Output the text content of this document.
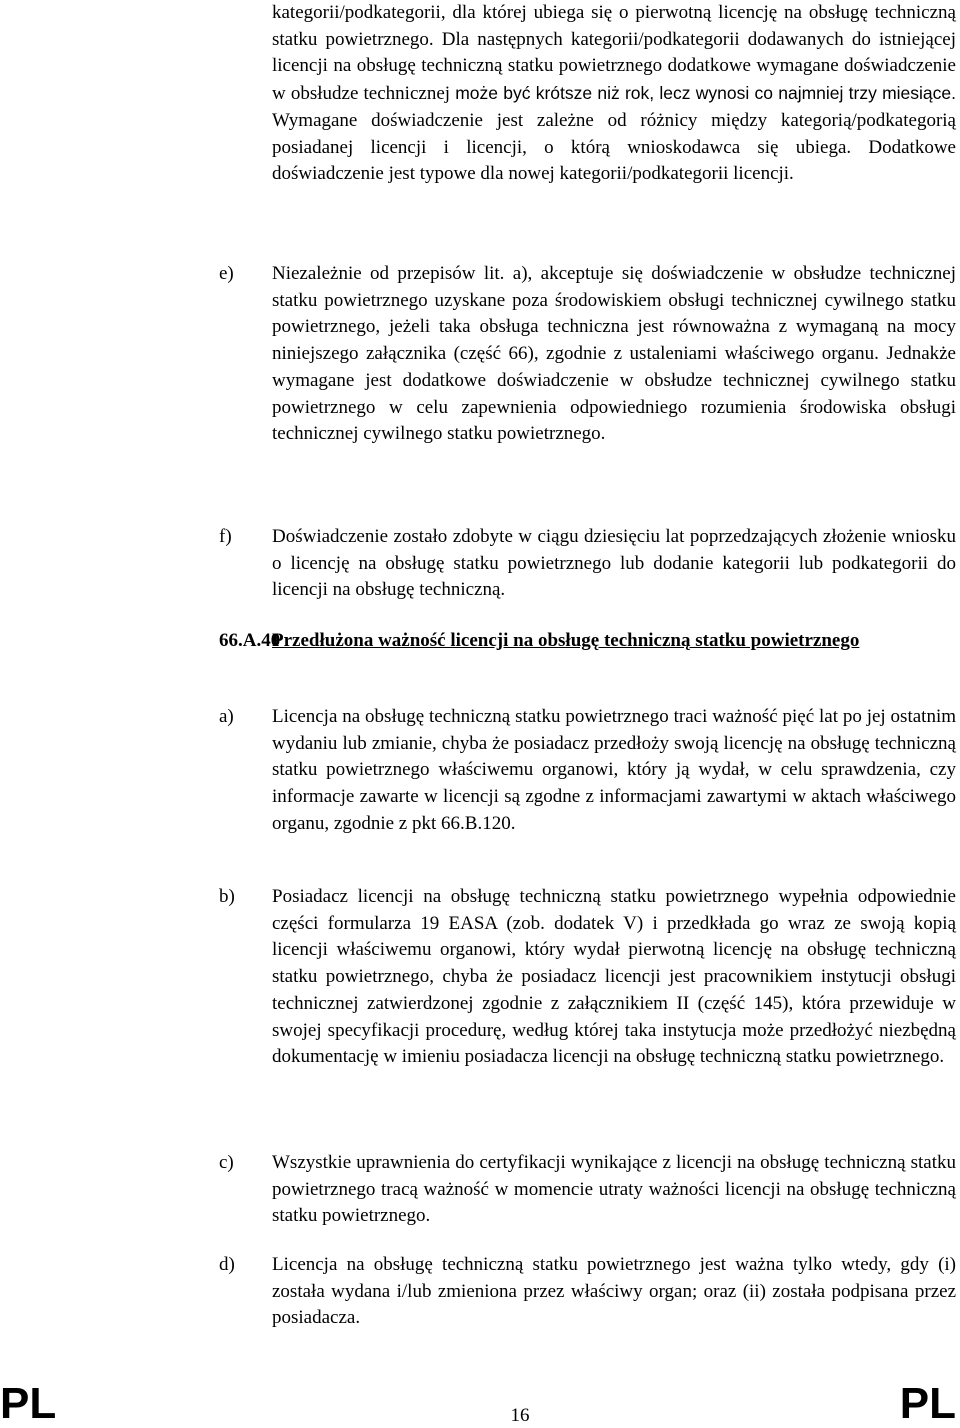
kategorii/podkategorii, dla której ubiega się o pierwotną licencję na obsługę techniczną statku powietrznego. Dla następnych kategorii/podkategorii dodawanych do istniejącej licencji na obsługę techniczną statku powietrznego dodatkowe wymagane doświadczenie w obsłudze technicznej może być krótsze niż rok, lecz wynosi co najmniej trzy miesiące. Wymagane doświadczenie jest zależne od różnicy między kategorią/podkategorią posiadanej licencji i licencji, o którą wnioskodawca się ubiega. Dodatkowe doświadczenie jest typowe dla nowej kategorii/podkategorii licencji.
e) Niezależnie od przepisów lit. a), akceptuje się doświadczenie w obsłudze technicznej statku powietrznego uzyskane poza środowiskiem obsługi technicznej cywilnego statku powietrznego, jeżeli taka obsługa techniczna jest równoważna z wymaganą na mocy niniejszego załącznika (część 66), zgodnie z ustaleniami właściwego organu. Jednakże wymagane jest dodatkowe doświadczenie w obsłudze technicznej cywilnego statku powietrznego w celu zapewnienia odpowiedniego rozumienia środowiska obsługi technicznej cywilnego statku powietrznego.
f) Doświadczenie zostało zdobyte w ciągu dziesięciu lat poprzedzających złożenie wniosku o licencję na obsługę statku powietrznego lub dodanie kategorii lub podkategorii do licencji na obsługę techniczną.
66.A.40
Przedłużona ważność licencji na obsługę techniczną statku powietrznego
a) Licencja na obsługę techniczną statku powietrznego traci ważność pięć lat po jej ostatnim wydaniu lub zmianie, chyba że posiadacz przedłoży swoją licencję na obsługę techniczną statku powietrznego właściwemu organowi, który ją wydał, w celu sprawdzenia, czy informacje zawarte w licencji są zgodne z informacjami zawartymi w aktach właściwego organu, zgodnie z pkt 66.B.120.
b) Posiadacz licencji na obsługę techniczną statku powietrznego wypełnia odpowiednie części formularza 19 EASA (zob. dodatek V) i przedkłada go wraz ze swoją kopią licencji właściwemu organowi, który wydał pierwotną licencję na obsługę techniczną statku powietrznego, chyba że posiadacz licencji jest pracownikiem instytucji obsługi technicznej zatwierdzonej zgodnie z załącznikiem II (część 145), która przewiduje w swojej specyfikacji procedurę, według której taka instytucja może przedłożyć niezbędną dokumentację w imieniu posiadacza licencji na obsługę techniczną statku powietrznego.
c) Wszystkie uprawnienia do certyfikacji wynikające z licencji na obsługę techniczną statku powietrznego tracą ważność w momencie utraty ważności licencji na obsługę techniczną statku powietrznego.
d) Licencja na obsługę techniczną statku powietrznego jest ważna tylko wtedy, gdy (i) została wydana i/lub zmieniona przez właściwy organ; oraz (ii) została podpisana przez posiadacza.
PL	16	PL
